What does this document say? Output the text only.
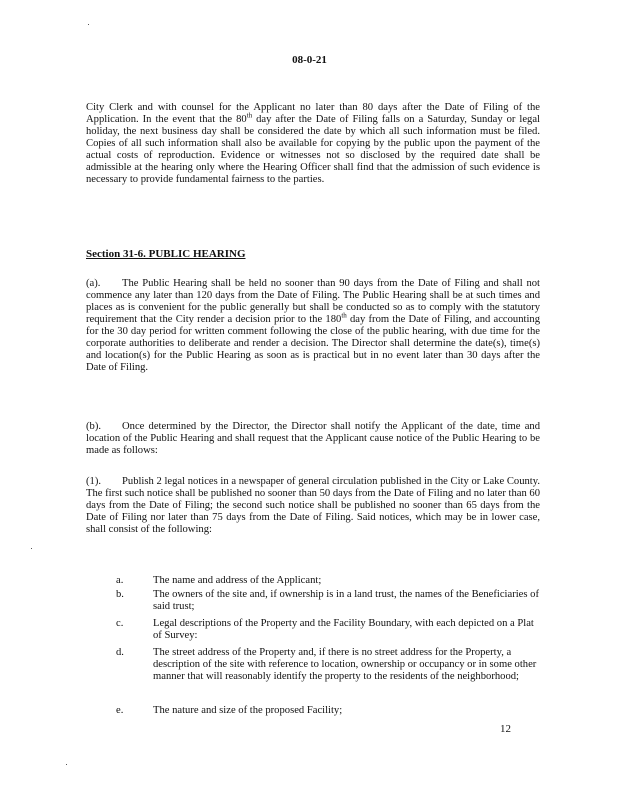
08-0-21
City Clerk and with counsel for the Applicant no later than 80 days after the Date of Filing of the Application. In the event that the 80th day after the Date of Filing falls on a Saturday, Sunday or legal holiday, the next business day shall be considered the date by which all such information must be filed. Copies of all such information shall also be available for copying by the public upon the payment of the actual costs of reproduction. Evidence or witnesses not so disclosed by the required date shall be admissible at the hearing only where the Hearing Officer shall find that the admission of such evidence is necessary to provide fundamental fairness to the parties.
Section 31-6. PUBLIC HEARING
(a). The Public Hearing shall be held no sooner than 90 days from the Date of Filing and shall not commence any later than 120 days from the Date of Filing. The Public Hearing shall be at such times and places as is convenient for the public generally but shall be conducted so as to comply with the statutory requirement that the City render a decision prior to the 180th day from the Date of Filing, and accounting for the 30 day period for written comment following the close of the public hearing, with due time for the corporate authorities to deliberate and render a decision. The Director shall determine the date(s), time(s) and location(s) for the Public Hearing as soon as is practical but in no event later than 30 days after the Date of Filing.
(b). Once determined by the Director, the Director shall notify the Applicant of the date, time and location of the Public Hearing and shall request that the Applicant cause notice of the Public Hearing to be made as follows:
(1). Publish 2 legal notices in a newspaper of general circulation published in the City or Lake County. The first such notice shall be published no sooner than 50 days from the Date of Filing and no later than 60 days from the Date of Filing; the second such notice shall be published no sooner than 65 days from the Date of Filing nor later than 75 days from the Date of Filing. Said notices, which may be in lower case, shall consist of the following:
a.	The name and address of the Applicant;
b.	The owners of the site and, if ownership is in a land trust, the names of the Beneficiaries of said trust;
c.	Legal descriptions of the Property and the Facility Boundary, with each depicted on a Plat of Survey:
d.	The street address of the Property and, if there is no street address for the Property, a description of the site with reference to location, ownership or occupancy or in some other manner that will reasonably identify the property to the residents of the neighborhood;
e.	The nature and size of the proposed Facility;
12
